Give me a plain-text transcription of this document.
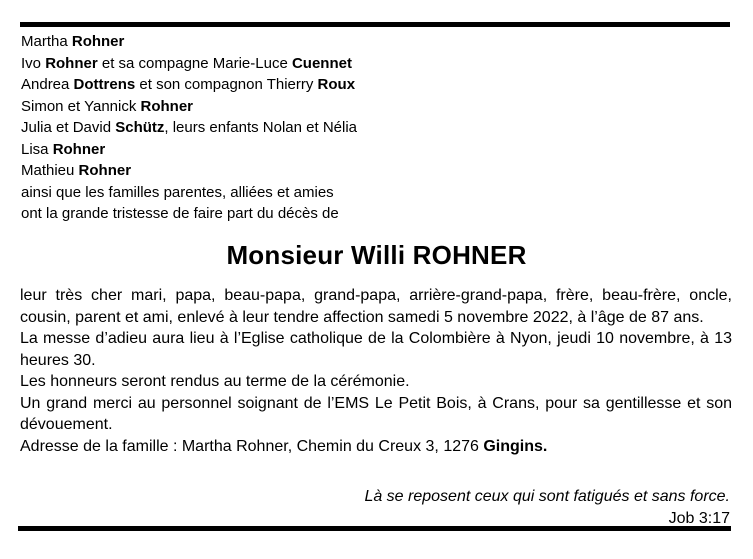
Martha Rohner
Ivo Rohner et sa compagne Marie-Luce Cuennet
Andrea Dottrens et son compagnon Thierry Roux
Simon et Yannick Rohner
Julia et David Schütz, leurs enfants Nolan et Nélia
Lisa Rohner
Mathieu Rohner
ainsi que les familles parentes, alliées et amies
ont la grande tristesse de faire part du décès de
Monsieur Willi ROHNER

leur très cher mari, papa, beau-papa, grand-papa, arrière-grand-papa, frère, beau-frère, oncle, cousin, parent et ami, enlevé à leur tendre affection samedi 5 novembre 2022, à l’âge de 87 ans.

La messe d’adieu aura lieu à l’Eglise catholique de la Colombière à Nyon, jeudi 10 novembre, à 13 heures 30.

Les honneurs seront rendus au terme de la cérémonie.

Un grand merci au personnel soignant de l’EMS Le Petit Bois, à Crans, pour sa gentillesse et son dévouement.

Adresse de la famille : Martha Rohner, Chemin du Creux 3, 1276 Gingins.

Là se reposent ceux qui sont fatigués et sans force.
Job 3:17
